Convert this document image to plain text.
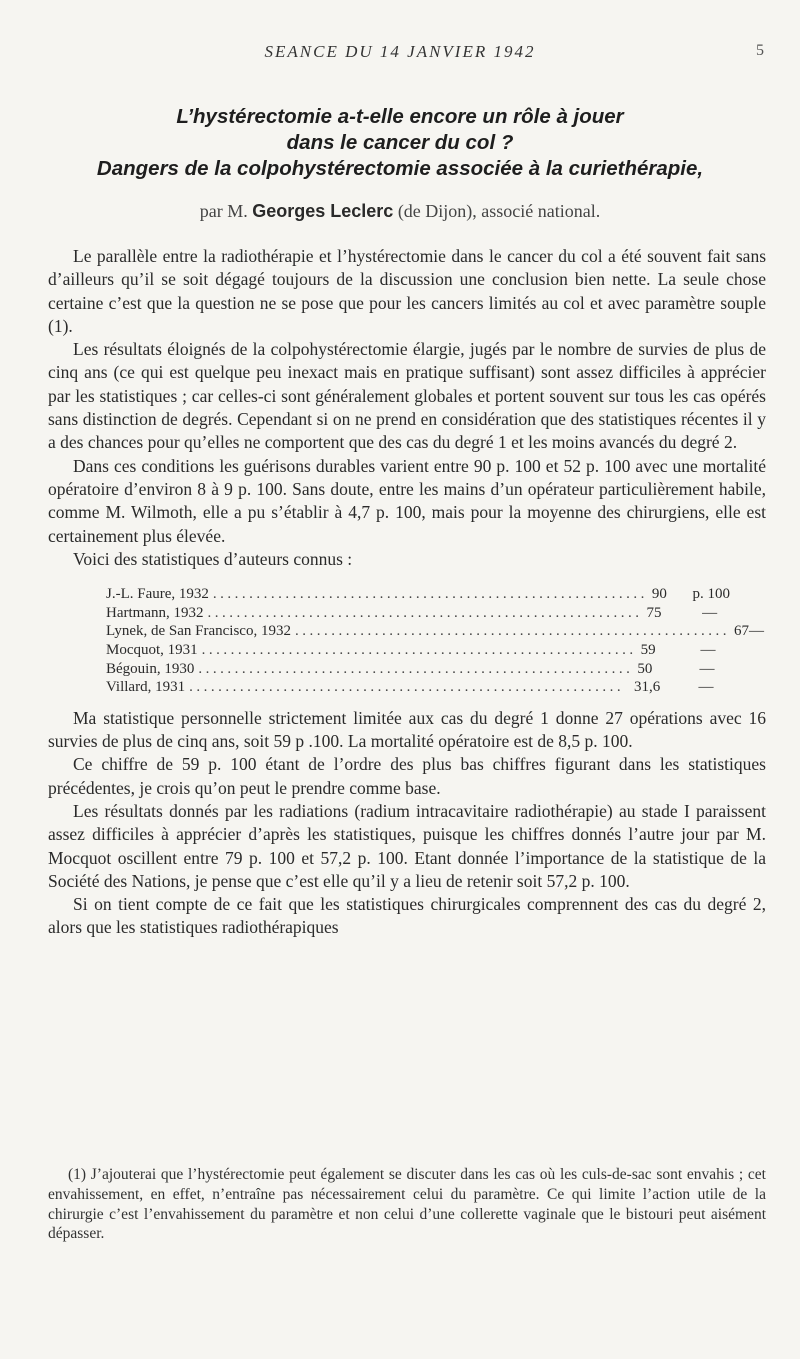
SEANCE DU 14 JANVIER 1942	5
L’hystérectomie a-t-elle encore un rôle à jouer
dans le cancer du col ?
Dangers de la colpohystérectomie associée à la curiethérapie,
par M. Georges Leclerc (de Dijon), associé national.

Le parallèle entre la radiothérapie et l’hystérectomie dans le cancer du col a été souvent fait sans d’ailleurs qu’il se soit dégagé toujours de la discussion une conclusion bien nette. La seule chose certaine c’est que la question ne se pose que pour les cancers limités au col et avec paramètre souple (1).

Les résultats éloignés de la colpohystérectomie élargie, jugés par le nombre de survies de plus de cinq ans (ce qui est quelque peu inexact mais en pratique suffisant) sont assez difficiles à apprécier par les statistiques ; car celles-ci sont généralement globales et portent souvent sur tous les cas opérés sans distinction de degrés. Cependant si on ne prend en considération que des statistiques récentes il y a des chances pour qu’elles ne comportent que des cas du degré 1 et les moins avancés du degré 2.

Dans ces conditions les guérisons durables varient entre 90 p. 100 et 52 p. 100 avec une mortalité opératoire d’environ 8 à 9 p. 100. Sans doute, entre les mains d’un opérateur particulièrement habile, comme M. Wilmoth, elle a pu s’établir à 4,7 p. 100, mais pour la moyenne des chirurgiens, elle est certainement plus élevée.

Voici des statistiques d’auteurs connus :

J.-L. Faure, 1932 ............................................................ 90	p. 100
Hartmann, 1932 ............................................................ 75	—
Lynek, de San Francisco, 1932 ............................................................ 67 —
Mocquot, 1931 ............................................................ 59	—
Bégouin, 1930 ............................................................ 50	—
Villard, 1931 ............................................................ 31,6	—

Ma statistique personnelle strictement limitée aux cas du degré 1 donne 27 opérations avec 16 survies de plus de cinq ans, soit 59 p .100. La mortalité opératoire est de 8,5 p. 100.

Ce chiffre de 59 p. 100 étant de l’ordre des plus bas chiffres figurant dans les statistiques précédentes, je crois qu’on peut le prendre comme base.

Les résultats donnés par les radiations (radium intracavitaire radiothérapie) au stade I paraissent assez difficiles à apprécier d’après les statistiques, puisque les chiffres donnés l’autre jour par M. Mocquot oscillent entre 79 p. 100 et 57,2 p. 100. Etant donnée l’importance de la statistique de la Société des Nations, je pense que c’est elle qu’il y a lieu de retenir soit 57,2 p. 100.

Si on tient compte de ce fait que les statistiques chirurgicales comprennent des cas du degré 2, alors que les statistiques radiothérapiques

(1) J’ajouterai que l’hystérectomie peut également se discuter dans les cas où les culs-de-sac sont envahis ; cet envahissement, en effet, n’entraîne pas nécessairement celui du paramètre. Ce qui limite l’action utile de la chirurgie c’est l’envahissement du paramètre et non celui d’une collerette vaginale que le bistouri peut aisément dépasser.
